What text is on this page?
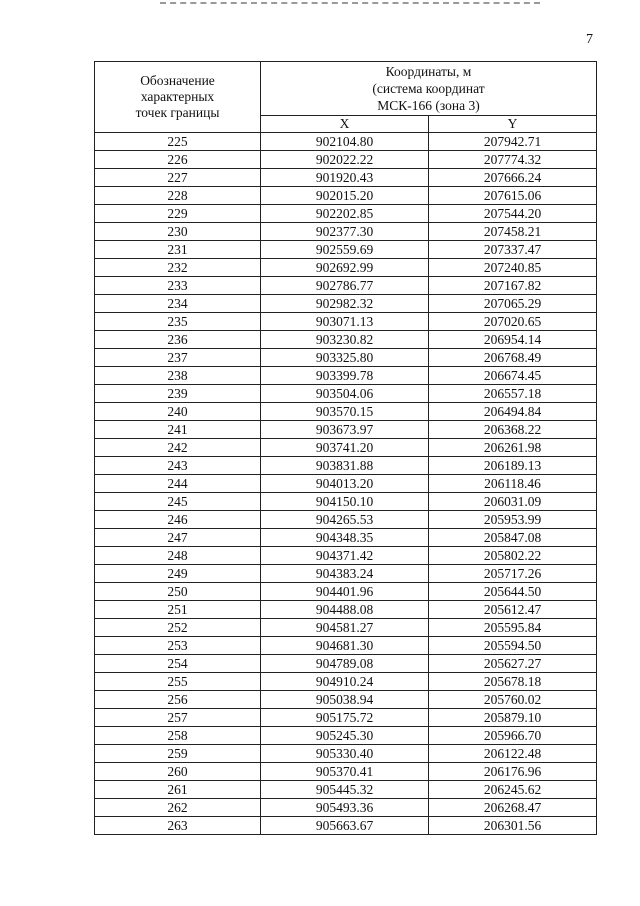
7
Обозначение
характерных
точек границы	Координаты, м
(система координат
МСК-166 (зона 3)	
	X	Y
225	902104.80	207942.71
226	902022.22	207774.32
227	901920.43	207666.24
228	902015.20	207615.06
229	902202.85	207544.20
230	902377.30	207458.21
231	902559.69	207337.47
232	902692.99	207240.85
233	902786.77	207167.82
234	902982.32	207065.29
235	903071.13	207020.65
236	903230.82	206954.14
237	903325.80	206768.49
238	903399.78	206674.45
239	903504.06	206557.18
240	903570.15	206494.84
241	903673.97	206368.22
242	903741.20	206261.98
243	903831.88	206189.13
244	904013.20	206118.46
245	904150.10	206031.09
246	904265.53	205953.99
247	904348.35	205847.08
248	904371.42	205802.22
249	904383.24	205717.26
250	904401.96	205644.50
251	904488.08	205612.47
252	904581.27	205595.84
253	904681.30	205594.50
254	904789.08	205627.27
255	904910.24	205678.18
256	905038.94	205760.02
257	905175.72	205879.10
258	905245.30	205966.70
259	905330.40	206122.48
260	905370.41	206176.96
261	905445.32	206245.62
262	905493.36	206268.47
263	905663.67	206301.56
